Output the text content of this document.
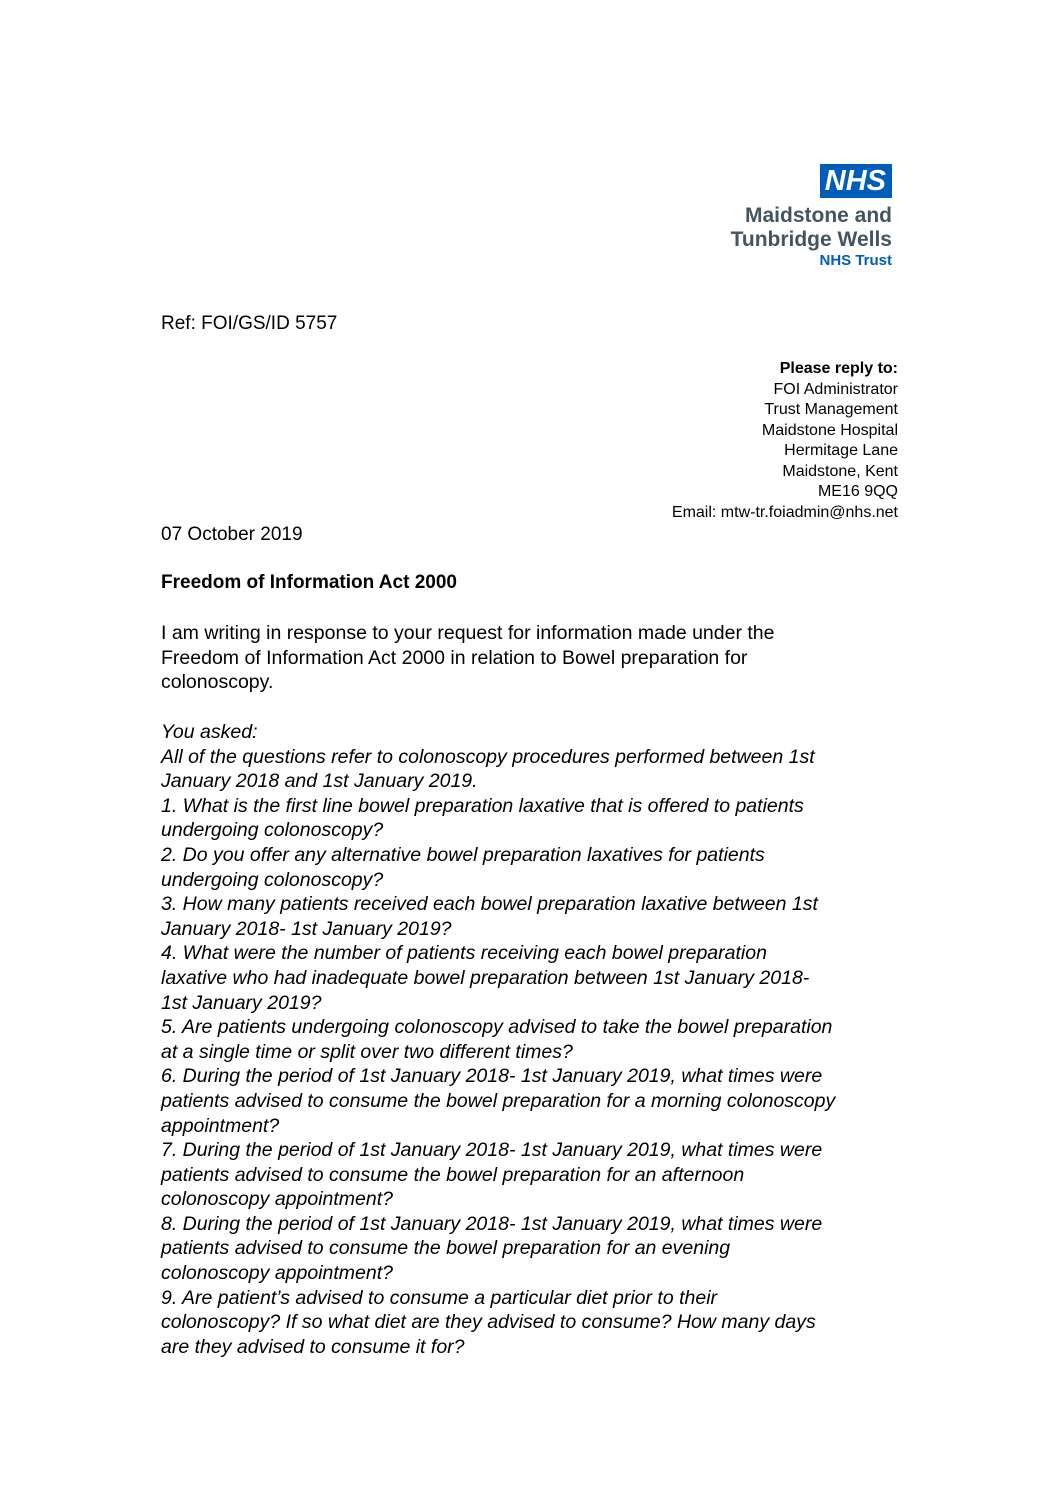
NHS
Maidstone and
Tunbridge Wells
NHS Trust
Ref: FOI/GS/ID 5757
Please reply to:
FOI Administrator
Trust Management
Maidstone Hospital
Hermitage Lane
Maidstone, Kent
ME16 9QQ
Email: mtw-tr.foiadmin@nhs.net
07 October 2019
Freedom of Information Act 2000
I am writing in response to your request for information made under the
Freedom of Information Act 2000 in relation to Bowel preparation for
colonoscopy.
You asked:
All of the questions refer to colonoscopy procedures performed between 1st
January 2018 and 1st January 2019.
1. What is the first line bowel preparation laxative that is offered to patients
undergoing colonoscopy?
2. Do you offer any alternative bowel preparation laxatives for patients
undergoing colonoscopy?
3. How many patients received each bowel preparation laxative between 1st
January 2018- 1st January 2019?
4. What were the number of patients receiving each bowel preparation
laxative who had inadequate bowel preparation between 1st January 2018-
1st January 2019?
5. Are patients undergoing colonoscopy advised to take the bowel preparation
at a single time or split over two different times?
6. During the period of 1st January 2018- 1st January 2019, what times were
patients advised to consume the bowel preparation for a morning colonoscopy
appointment?
7. During the period of 1st January 2018- 1st January 2019, what times were
patients advised to consume the bowel preparation for an afternoon
colonoscopy appointment?
8. During the period of 1st January 2018- 1st January 2019, what times were
patients advised to consume the bowel preparation for an evening
colonoscopy appointment?
9. Are patient’s advised to consume a particular diet prior to their
colonoscopy? If so what diet are they advised to consume? How many days
are they advised to consume it for?
